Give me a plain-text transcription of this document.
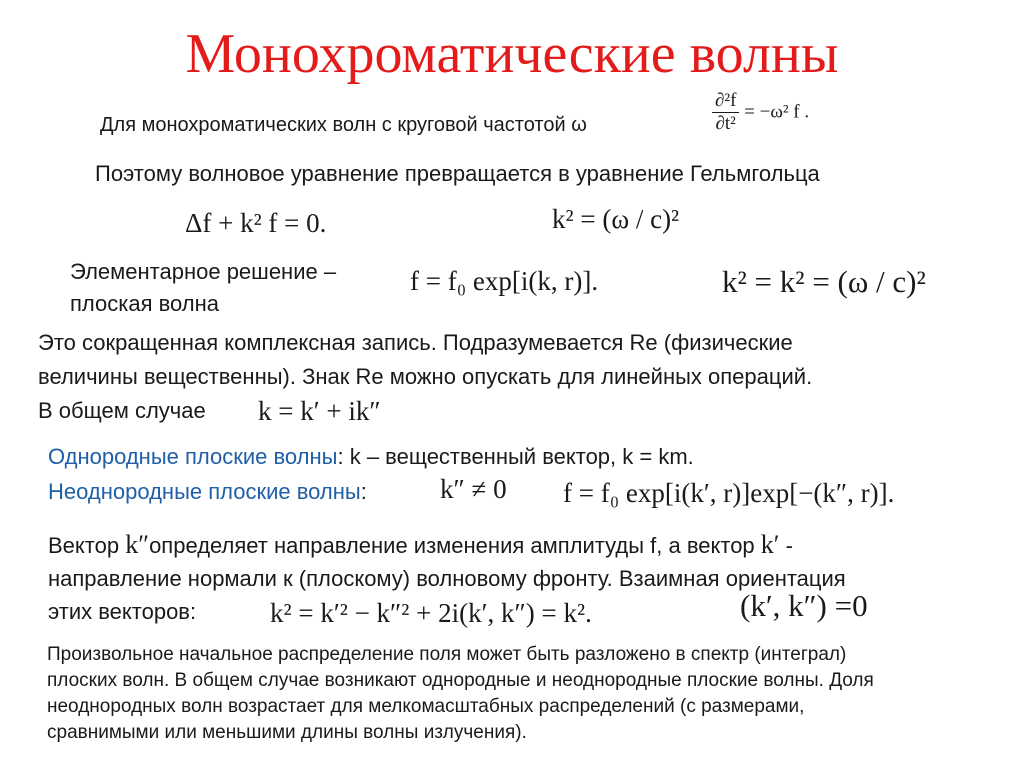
Монохроматические волны
Для монохроматических волн с круговой частотой ω	$\frac{\text{∂²f}}{\text{∂t²}} = -\omega^2$ f .
Поэтому волновое уравнение превращается в уравнение Гельмгольца
Δf + k² f = 0.	k² = (ω / c)²
Элементарное решение –
плоская волна
f = f₀ exp[i(k, r)].	k² = k² = (ω / c)²
Это сокращенная комплексная запись. Подразумевается Re (физические
величины вещественны). Знак Re можно опускать для линейных операций.
В общем случае k = k′ + ik″
Однородные плоские волны: k – вещественный вектор, k = km.
Неоднородные плоские волны:	k″ ≠ 0 f = f₀ exp[i(k′, r)]exp[−(k″, r)].
Вектор k″определяет направление изменения амплитуды f, а вектор k′ -
направление нормали к (плоскому) волновому фронту. Взаимная ориентация
этих векторов:	k² = k′² − k″² + 2i(k′, k″) = k².	(k′, k″) =0
Произвольное начальное распределение поля может быть разложено в спектр (интеграл)
плоских волн. В общем случае возникают однородные и неоднородные плоские волны. Доля
неоднородных волн возрастает для мелкомасштабных распределений (с размерами,
сравнимыми или меньшими длины волны излучения).
